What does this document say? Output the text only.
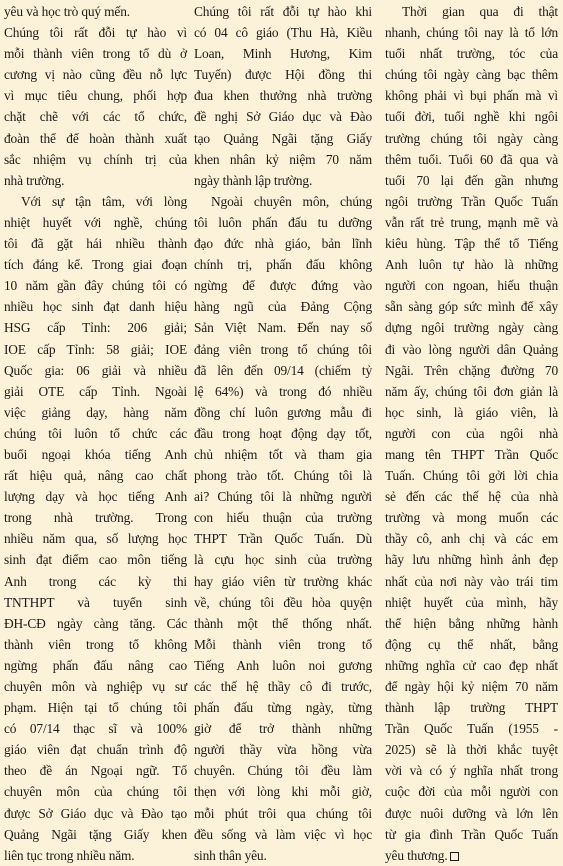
yêu và học trò quý mến.
Chúng tôi rất đỗi tự hào vì
mỗi thành viên trong tổ dù ở
cương vị nào cũng đều nỗ lực
vì mục tiêu chung, phối hợp
chặt chẽ với các tổ chức,
đoàn thể để hoàn thành xuất
sắc nhiệm vụ chính trị của
nhà trường.
Với sự tận tâm, với lòng
nhiệt huyết với nghề, chúng
tôi đã gặt hái nhiều thành
tích đáng kể. Trong giai đoạn
10 năm gần đây chúng tôi có
nhiều học sinh đạt danh hiệu
HSG cấp Tỉnh: 206 giải;
IOE cấp Tỉnh: 58 giải; IOE
Quốc gia: 06 giải và nhiều
giải OTE cấp Tỉnh. Ngoài
việc giảng dạy, hàng năm
chúng tôi luôn tổ chức các
buổi ngoại khóa tiếng Anh
rất hiệu quả, nâng cao chất
lượng dạy và học tiếng Anh
trong nhà trường. Trong
nhiều năm qua, số lượng học
sinh đạt điểm cao môn tiếng
Anh trong các kỳ thi
TNTHPT và tuyển sinh
ĐH-CĐ ngày càng tăng. Các
thành viên trong tổ không
ngừng phấn đấu nâng cao
chuyên môn và nghiệp vụ sư
phạm. Hiện tại tổ chúng tôi
có 07/14 thạc sĩ và 100%
giáo viên đạt chuẩn trình độ
theo đề án Ngoại ngữ. Tổ
chuyên môn của chúng tôi
được Sở Giáo dục và Đào tạo
Quảng Ngãi tặng Giấy khen
liên tục trong nhiều năm.
Chúng tôi rất đỗi tự hào khi
có 04 cô giáo (Thu Hà, Kiều
Loan, Minh Hương, Kim
Tuyến) được Hội đồng thi
đua khen thưởng nhà trường
đề nghị Sở Giáo dục và Đào
tạo Quảng Ngãi tặng Giấy
khen nhân kỷ niệm 70 năm
ngày thành lập trường.
Ngoài chuyên môn, chúng
tôi luôn phấn đấu tu dưỡng
đạo đức nhà giáo, bản lĩnh
chính trị, phấn đấu không
ngừng để được đứng vào
hàng ngũ của Đảng Cộng
Sản Việt Nam. Đến nay số
đảng viên trong tổ chúng tôi
đã lên đến 09/14 (chiếm tỷ
lệ 64%) và trong đó nhiều
đồng chí luôn gương mẫu đi
đầu trong hoạt động dạy tốt,
chủ nhiệm tốt và tham gia
phong trào tốt. Chúng tôi là
ai? Chúng tôi là những người
con hiếu thuận của trường
THPT Trần Quốc Tuấn. Dù
là cựu học sinh của trường
hay giáo viên từ trường khác
về, chúng tôi đều hòa quyện
thành một thể thống nhất.
Mỗi thành viên trong tổ
Tiếng Anh luôn noi gương
các thế hệ thầy cô đi trước,
phấn đấu từng ngày, từng
giờ để trở thành những
người thầy vừa hồng vừa
chuyên. Chúng tôi đều làm
thẹn với lòng khi mỗi giờ,
mỗi phút trôi qua chúng tôi
đều sống và làm việc vì học
sinh thân yêu.
Thời gian qua đi thật
nhanh, chúng tôi nay là tổ lớn
tuổi nhất trường, tóc của
chúng tôi ngày càng bạc thêm
không phải vì bụi phấn mà vì
tuổi đời, tuổi nghề khi ngôi
trường chúng tôi ngày càng
thêm tuổi. Tuổi 60 đã qua và
tuổi 70 lại đến gần nhưng
ngôi trường Trần Quốc Tuấn
vẫn rất trẻ trung, mạnh mẽ và
kiêu hùng. Tập thể tổ Tiếng
Anh luôn tự hào là những
người con ngoan, hiếu thuận
sẵn sàng góp sức mình để xây
dựng ngôi trường ngày càng
đi vào lòng người dân Quảng
Ngãi. Trên chặng đường 70
năm ấy, chúng tôi đơn giản là
học sinh, là giáo viên, là
người con của ngôi nhà
mang tên THPT Trần Quốc
Tuấn. Chúng tôi gởi lời chia
sẻ đến các thế hệ của nhà
trường và mong muốn các
thầy cô, anh chị và các em
hãy lưu những hình ảnh đẹp
nhất của nơi này vào trái tim
nhiệt huyết của mình, hãy
thể hiện bằng những hành
động cụ thể nhất, bằng
những nghĩa cử cao đẹp nhất
để ngày hội kỷ niệm 70 năm
thành lập trường THPT
Trần Quốc Tuấn (1955 -
2025) sẽ là thời khắc tuyệt
vời và có ý nghĩa nhất trong
cuộc đời của mỗi người con
được nuôi dưỡng và lớn lên
từ gia đình Trần Quốc Tuấn
yêu thương.
